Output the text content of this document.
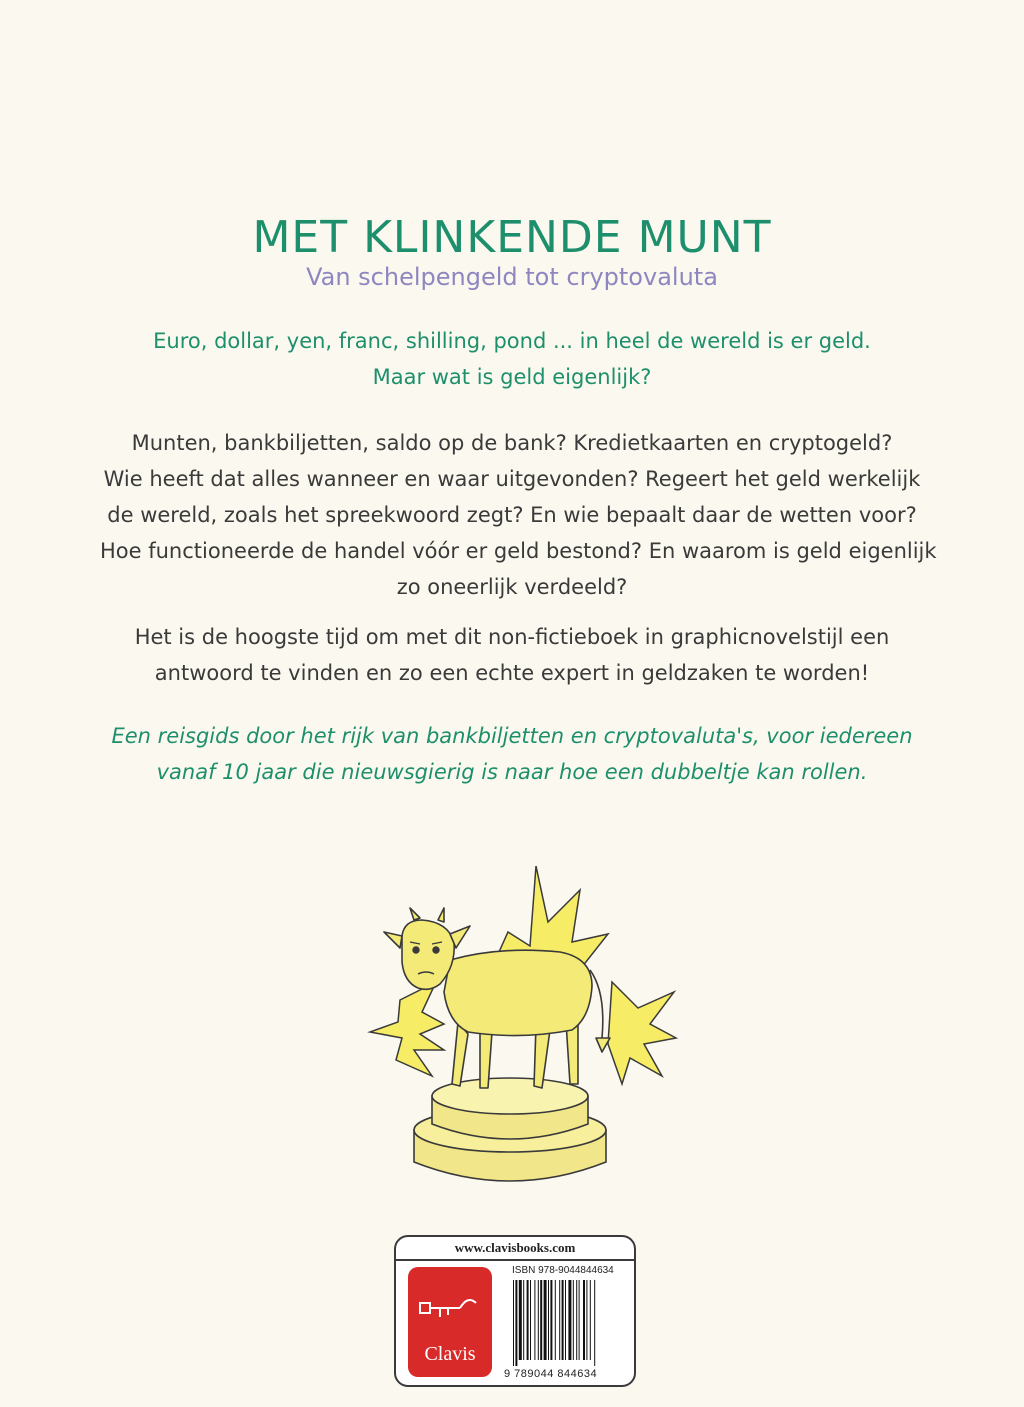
MET KLINKENDE MUNT
Van schelpengeld tot cryptovaluta
Euro, dollar, yen, franc, shilling, pond ... in heel de wereld is er geld.
Maar wat is geld eigenlijk?
Munten, bankbiljetten, saldo op de bank? Kredietkaarten en cryptogeld?
Wie heeft dat alles wanneer en waar uitgevonden? Regeert het geld werkelijk
de wereld, zoals het spreekwoord zegt? En wie bepaalt daar de wetten voor?
Hoe functioneerde de handel vóór er geld bestond? En waarom is geld eigenlijk
zo oneerlijk verdeeld?
Het is de hoogste tijd om met dit non-fictieboek in graphicnovelstijl een
antwoord te vinden en zo een echte expert in geldzaken te worden!
Een reisgids door het rijk van bankbiljetten en cryptovaluta's, voor iedereen
vanaf 10 jaar die nieuwsgierig is naar hoe een dubbeltje kan rollen.
www.clavisbooks.com
Clavis
ISBN 978-9044844634
9 789044 844634
